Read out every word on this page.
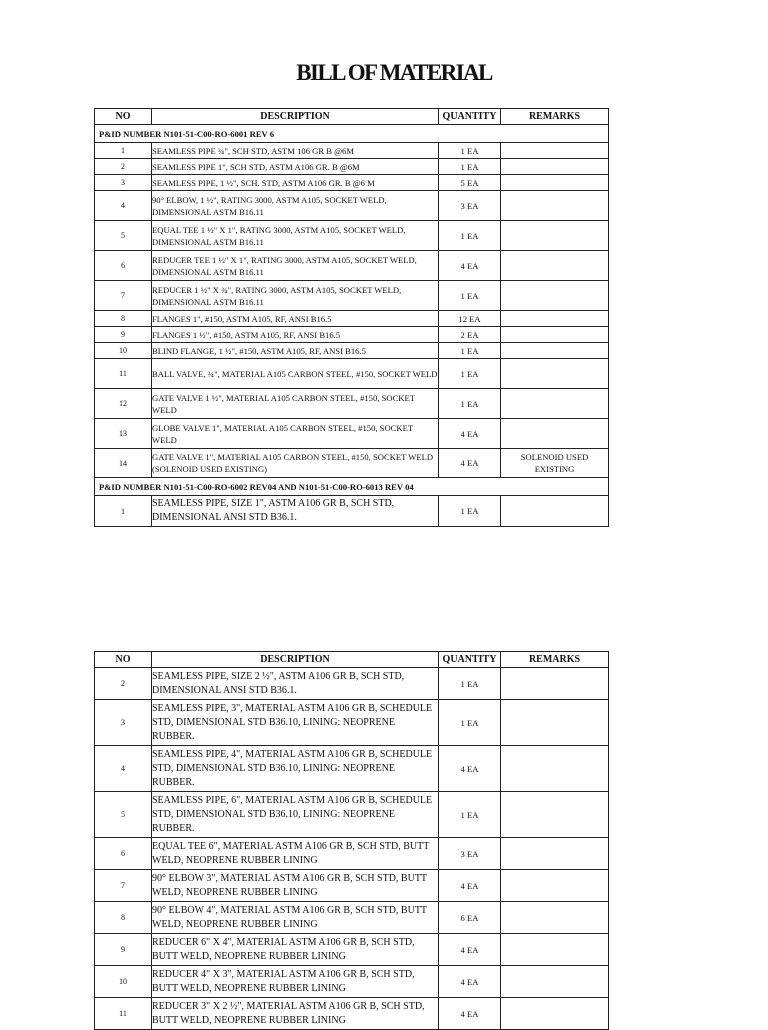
BILL OF MATERIAL
NO	DESCRIPTION	QUANTITY	REMARKS
P&ID NUMBER N101-51-C00-RO-6001 REV 6			
1	SEAMLESS PIPE ¾", SCH STD, ASTM 106 GR B @6M	1 EA	
2	SEAMLESS PIPE 1", SCH STD, ASTM A106 GR. B @6M	1 EA	
3	SEAMLESS PIPE, 1 ½", SCH. STD, ASTM A106 GR. B @6 M	5 EA	
4	90° ELBOW, 1 ½", RATING 3000, ASTM A105, SOCKET WELD, DIMENSIONAL ASTM B16.11	3 EA	
5	EQUAL TEE 1 ½" X 1", RATING 3000, ASTM A105, SOCKET WELD, DIMENSIONAL ASTM B16.11	1 EA	
6	REDUCER TEE 1 ½" X 1", RATING 3000, ASTM A105, SOCKET WELD, DIMENSIONAL ASTM B16.11	4 EA	
7	REDUCER 1 ½" X ¾", RATING 3000, ASTM A105, SOCKET WELD, DIMENSIONAL ASTM B16.11	1 EA	
8	FLANGES 1", #150, ASTM A105, RF, ANSI B16.5	12 EA	
9	FLANGES 1 ½", #150, ASTM A105, RF, ANSI B16.5	2 EA	
10	BLIND FLANGE, 1 ½", #150, ASTM A105, RF, ANSI B16.5	1 EA	
11	BALL VALVE, ¾", MATERIAL A105 CARBON STEEL, #150, SOCKET WELD	1 EA	
12	GATE VALVE 1 ½", MATERIAL A105 CARBON STEEL, #150, SOCKET WELD	1 EA	
13	GLOBE VALVE 1", MATERIAL A105 CARBON STEEL, #150, SOCKET WELD	4 EA	
14	GATE VALVE 1", MATERIAL A105 CARBON STEEL, #150, SOCKET WELD (SOLENOID USED EXISTING)	4 EA	SOLENOID USED EXISTING
P&ID NUMBER N101-51-C00-RO-6002 REV04 AND N101-51-C00-RO-6013 REV 04			
1	SEAMLESS PIPE, SIZE 1", ASTM A106 GR B, SCH STD, DIMENSIONAL ANSI STD B36.1.	1 EA	
NO	DESCRIPTION	QUANTITY	REMARKS
2	SEAMLESS PIPE, SIZE 2 ½", ASTM A106 GR B, SCH STD, DIMENSIONAL ANSI STD B36.1.	1 EA	
3	SEAMLESS PIPE, 3", MATERIAL ASTM A106 GR B, SCHEDULE STD, DIMENSIONAL STD B36.10, LINING: NEOPRENE RUBBER.	1 EA	
4	SEAMLESS PIPE, 4", MATERIAL ASTM A106 GR B, SCHEDULE STD, DIMENSIONAL STD B36.10, LINING: NEOPRENE RUBBER.	4 EA	
5	SEAMLESS PIPE, 6", MATERIAL ASTM A106 GR B, SCHEDULE STD, DIMENSIONAL STD B36.10, LINING: NEOPRENE RUBBER.	1 EA	
6	EQUAL TEE 6", MATERIAL ASTM A106 GR B, SCH STD, BUTT WELD, NEOPRENE RUBBER LINING	3 EA	
7	90° ELBOW 3", MATERIAL ASTM A106 GR B, SCH STD, BUTT WELD, NEOPRENE RUBBER LINING	4 EA	
8	90° ELBOW 4", MATERIAL ASTM A106 GR B, SCH STD, BUTT WELD, NEOPRENE RUBBER LINING	6 EA	
9	REDUCER 6" X 4", MATERIAL ASTM A106 GR B, SCH STD, BUTT WELD, NEOPRENE RUBBER LINING	4 EA	
10	REDUCER 4" X 3", MATERIAL ASTM A106 GR B, SCH STD, BUTT WELD, NEOPRENE RUBBER LINING	4 EA	
11	REDUCER 3" X 2 ½", MATERIAL ASTM A106 GR B, SCH STD, BUTT WELD, NEOPRENE RUBBER LINING	4 EA	
